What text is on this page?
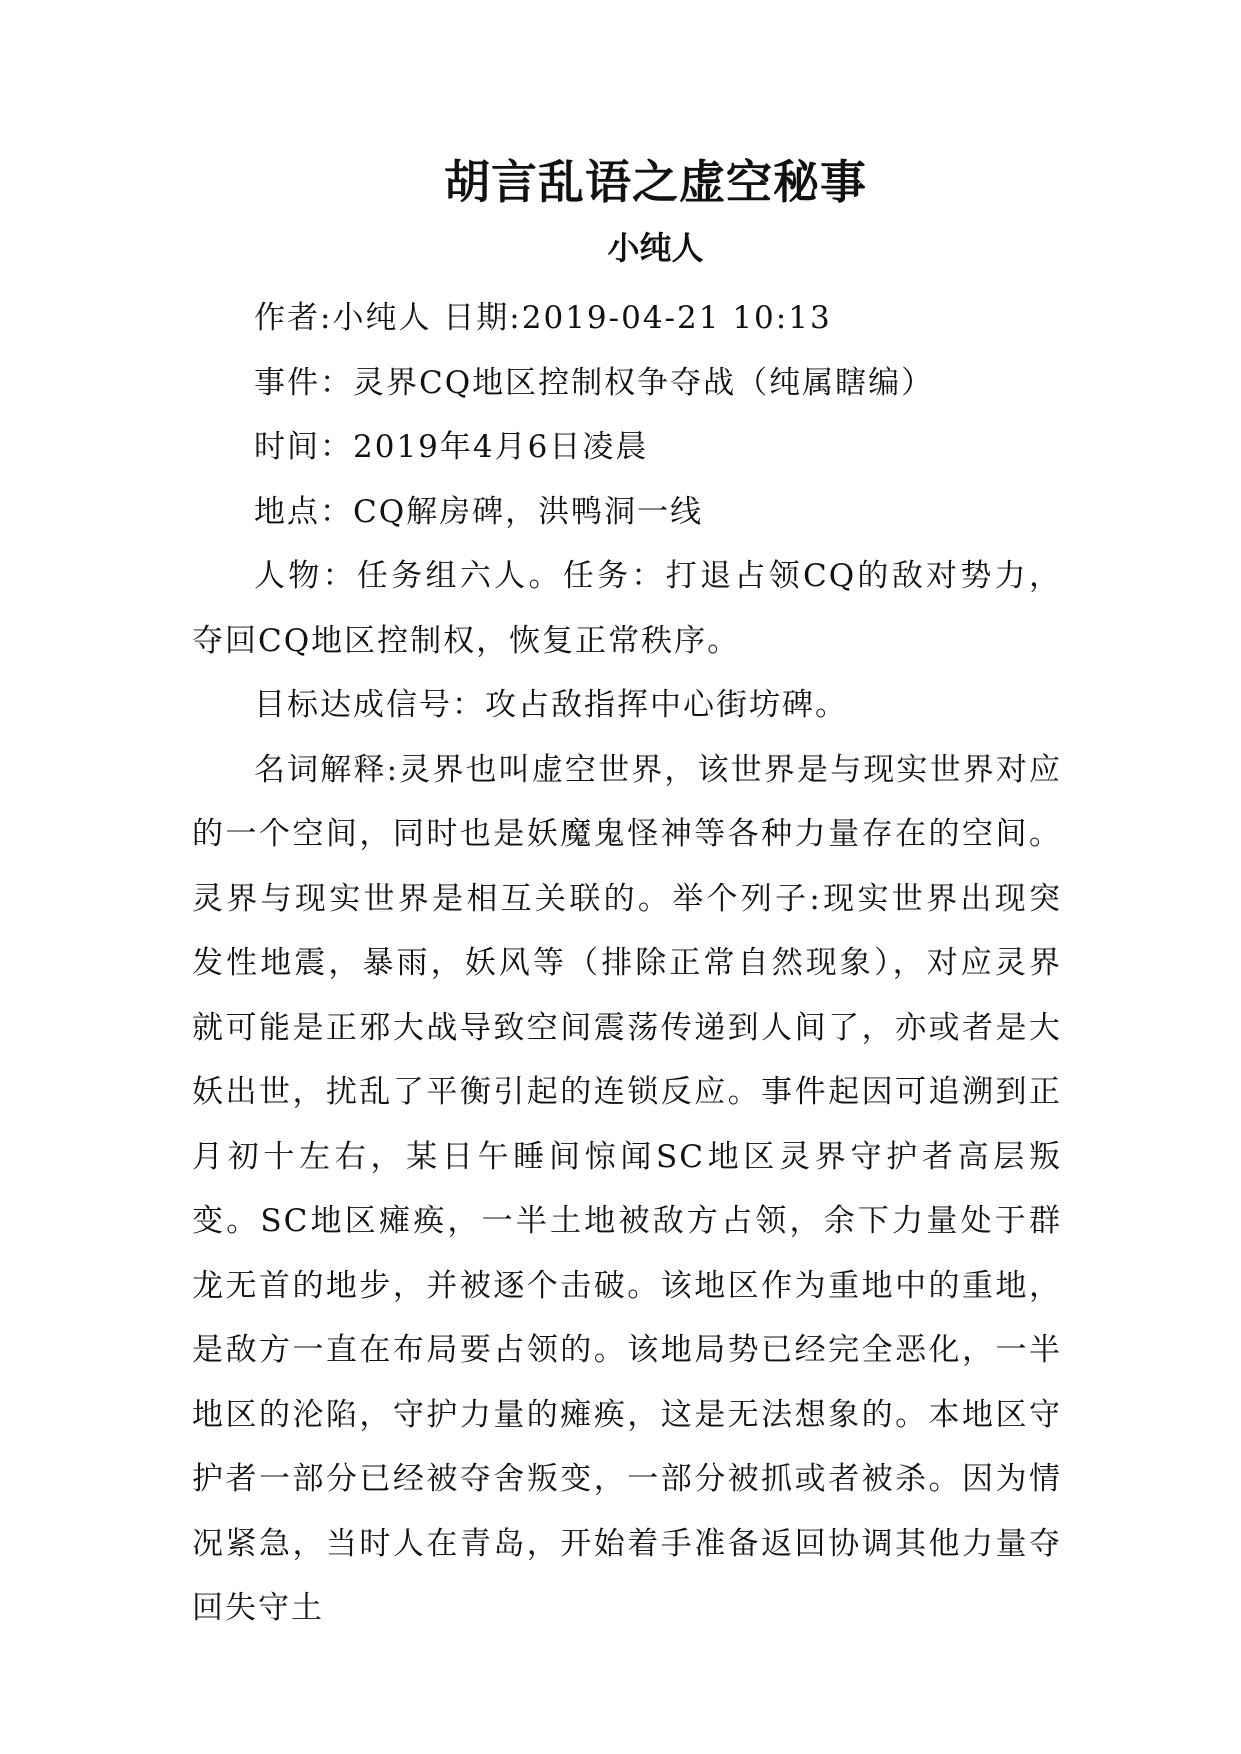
胡言乱语之虚空秘事
小纯人

作者:小纯人 日期:2019-04-21 10:13

事件：灵界CQ地区控制权争夺战（纯属瞎编）

时间：2019年4月6日凌晨

地点：CQ解房碑，洪鸭洞一线

人物：任务组六人。任务：打退占领CQ的敌对势力，夺回CQ地区控制权，恢复正常秩序。

目标达成信号：攻占敌指挥中心街坊碑。

名词解释:灵界也叫虚空世界，该世界是与现实世界对应的一个空间，同时也是妖魔鬼怪神等各种力量存在的空间。灵界与现实世界是相互关联的。举个列子:现实世界出现突发性地震，暴雨，妖风等（排除正常自然现象），对应灵界就可能是正邪大战导致空间震荡传递到人间了，亦或者是大妖出世，扰乱了平衡引起的连锁反应。事件起因可追溯到正月初十左右，某日午睡间惊闻SC地区灵界守护者高层叛变。SC地区瘫痪，一半土地被敌方占领，余下力量处于群龙无首的地步，并被逐个击破。该地区作为重地中的重地，是敌方一直在布局要占领的。该地局势已经完全恶化，一半地区的沦陷，守护力量的瘫痪，这是无法想象的。本地区守护者一部分已经被夺舍叛变，一部分被抓或者被杀。因为情况紧急，当时人在青岛，开始着手准备返回协调其他力量夺回失守土
